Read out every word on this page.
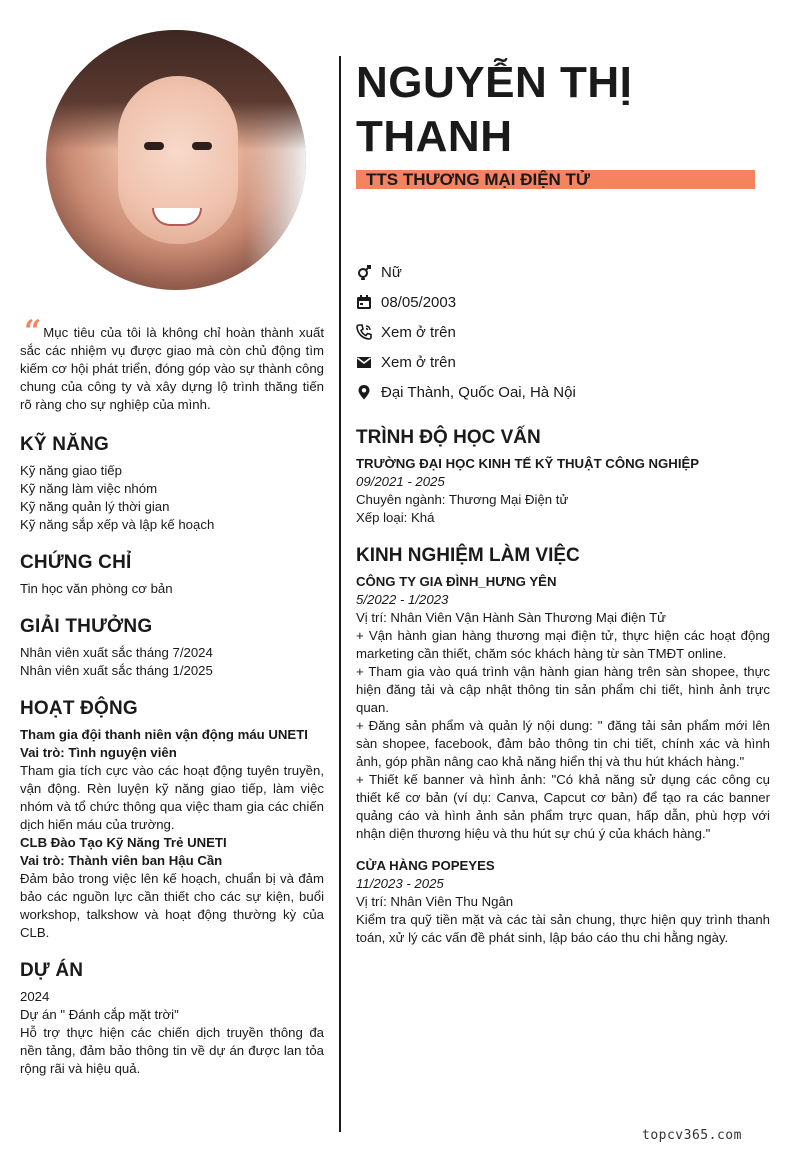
“ Mục tiêu của tôi là không chỉ hoàn thành xuất sắc các nhiệm vụ được giao mà còn chủ động tìm kiếm cơ hội phát triển, đóng góp vào sự thành công chung của công ty và xây dựng lộ trình thăng tiến rõ ràng cho sự nghiệp của mình.
KỸ NĂNG
Kỹ năng giao tiếp
Kỹ năng làm việc nhóm
Kỹ năng quản lý thời gian
Kỹ năng sắp xếp và lập kế hoạch
CHỨNG CHỈ
Tin học văn phòng cơ bản
GIẢI THƯỞNG
Nhân viên xuất sắc tháng 7/2024
Nhân viên xuất sắc tháng 1/2025
HOẠT ĐỘNG
Tham gia đội thanh niên vận động máu UNETI
Vai trò: Tình nguyện viên
Tham gia tích cực vào các hoạt động tuyên truyền, vận động. Rèn luyện kỹ năng giao tiếp, làm việc nhóm và tổ chức thông qua việc tham gia các chiến dịch hiến máu của trường.
CLB Đào Tạo Kỹ Năng Trẻ UNETI
Vai trò: Thành viên ban Hậu Cần
Đảm bảo trong việc lên kế hoạch, chuẩn bị và đảm bảo các nguồn lực cần thiết cho các sự kiện, buổi workshop, talkshow và hoạt động thường kỳ của CLB.
DỰ ÁN
2024
Dự án " Đánh cắp mặt trời"
Hỗ trợ thực hiện các chiến dịch truyền thông đa nền tảng, đảm bảo thông tin về dự án được lan tỏa rộng rãi và hiệu quả.
NGUYỄN THỊ THANH
TTS THƯƠNG MẠI ĐIỆN TỬ
Nữ
08/05/2003
Xem ở trên
Xem ở trên
Đại Thành, Quốc Oai, Hà Nội
TRÌNH ĐỘ HỌC VẤN
TRƯỜNG ĐẠI HỌC KINH TẾ KỸ THUẬT CÔNG NGHIỆP
09/2021 - 2025
Chuyên ngành: Thương Mại Điện tử
Xếp loại: Khá
KINH NGHIỆM LÀM VIỆC
CÔNG TY GIA ĐÌNH_HƯNG YÊN
5/2022 - 1/2023
Vị trí: Nhân Viên Vận Hành Sàn Thương Mại điện Tử
+ Vận hành gian hàng thương mại điện tử, thực hiện các hoạt động marketing cần thiết, chăm sóc khách hàng từ sàn TMĐT online.
+ Tham gia vào quá trình vận hành gian hàng trên sàn shopee, thực hiện đăng tải và cập nhật thông tin sản phẩm chi tiết, hình ảnh trực quan.
+ Đăng sản phẩm và quản lý nội dung: " đăng tải sản phẩm mới lên sàn shopee, facebook, đảm bảo thông tin chi tiết, chính xác và hình ảnh, góp phần nâng cao khả năng hiển thị và thu hút khách hàng."
+ Thiết kế banner và hình ảnh: "Có khả năng sử dụng các công cụ thiết kế cơ bản (ví dụ: Canva, Capcut cơ bản) để tạo ra các banner quảng cáo và hình ảnh sản phẩm trực quan, hấp dẫn, phù hợp với nhận diện thương hiệu và thu hút sự chú ý của khách hàng."
CỬA HÀNG POPEYES
11/2023 - 2025
Vị trí: Nhân Viên Thu Ngân
Kiểm tra quỹ tiền mặt và các tài sản chung, thực hiện quy trình thanh toán, xử lý các vấn đề phát sinh, lập báo cáo thu chi hằng ngày.
topcv365.com
